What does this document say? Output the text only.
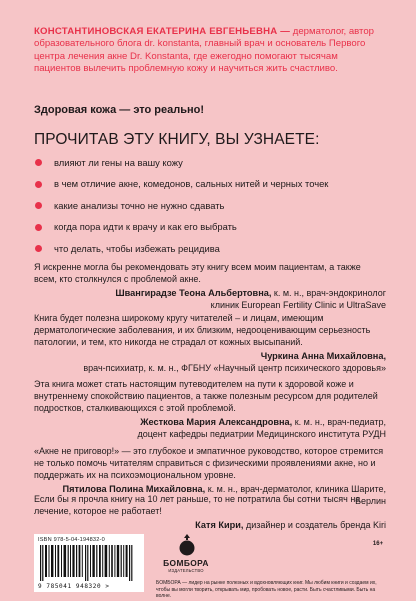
КОНСТАНТИНОВСКАЯ ЕКАТЕРИНА ЕВГЕНЬЕВНА — дерматолог, автор образовательного блога dr. konstanta, главный врач и основатель Первого центра лечения акне Dr. Konstanta, где ежегодно помогают тысячам пациентов вылечить проблемную кожу и научиться жить счастливо.
Здоровая кожа — это реально!
ПРОЧИТАВ ЭТУ КНИГУ, ВЫ УЗНАЕТЕ:
влияют ли гены на вашу кожу
в чем отличие акне, комедонов, сальных нитей и черных точек
какие анализы точно не нужно сдавать
когда пора идти к врачу и как его выбрать
что делать, чтобы избежать рецидива
Я искренне могла бы рекомендовать эту книгу всем моим пациентам, а также всем, кто столкнулся с проблемой акне.
Швангирадзе Теона Альбертовна, к. м. н., врач-эндокринолог
клиник European Fertility Clinic и UltraSave
Книга будет полезна широкому кругу читателей – и лицам, имеющим дерматологические заболевания, и их близким, недооценивающим серьезность патологии, и тем, кто никогда не страдал от кожных высыпаний.
Чуркина Анна Михайловна,
врач-психиатр, к. м. н., ФГБНУ «Научный центр психического здоровья»
Эта книга может стать настоящим путеводителем на пути к здоровой коже и внутреннему спокойствию пациентов, а также полезным ресурсом для родителей подростков, сталкивающихся с этой проблемой.
Жесткова Мария Александровна, к. м. н., врач-педиатр,
доцент кафедры педиатрии Медицинского института РУДН
«Акне не приговор!» — это глубокое и эмпатичное руководство, которое стремится не только помочь читателям справиться с физическими проявлениями акне, но и поддержать их на психоэмоциональном уровне.
Пятилова Полина Михайловна, к. м. н., врач-дерматолог, клиника Шарите, Берлин
Если бы я прочла книгу на 10 лет раньше, то не потратила бы сотни тысяч на лечение, которое не работает!
Катя Кири, дизайнер и создатель бренда Kiri
ISBN 978-5-04-194832-0
9 785041 948320 >
БОМБОРА
ИЗДАТЕЛЬСТВО
16+
БОМБОРА — лидер на рынке полезных и вдохновляющих книг. Мы любим книги и создаем их, чтобы вы могли творить, открывать мир, пробовать новое, расти. Быть счастливыми. Быть на волне.
